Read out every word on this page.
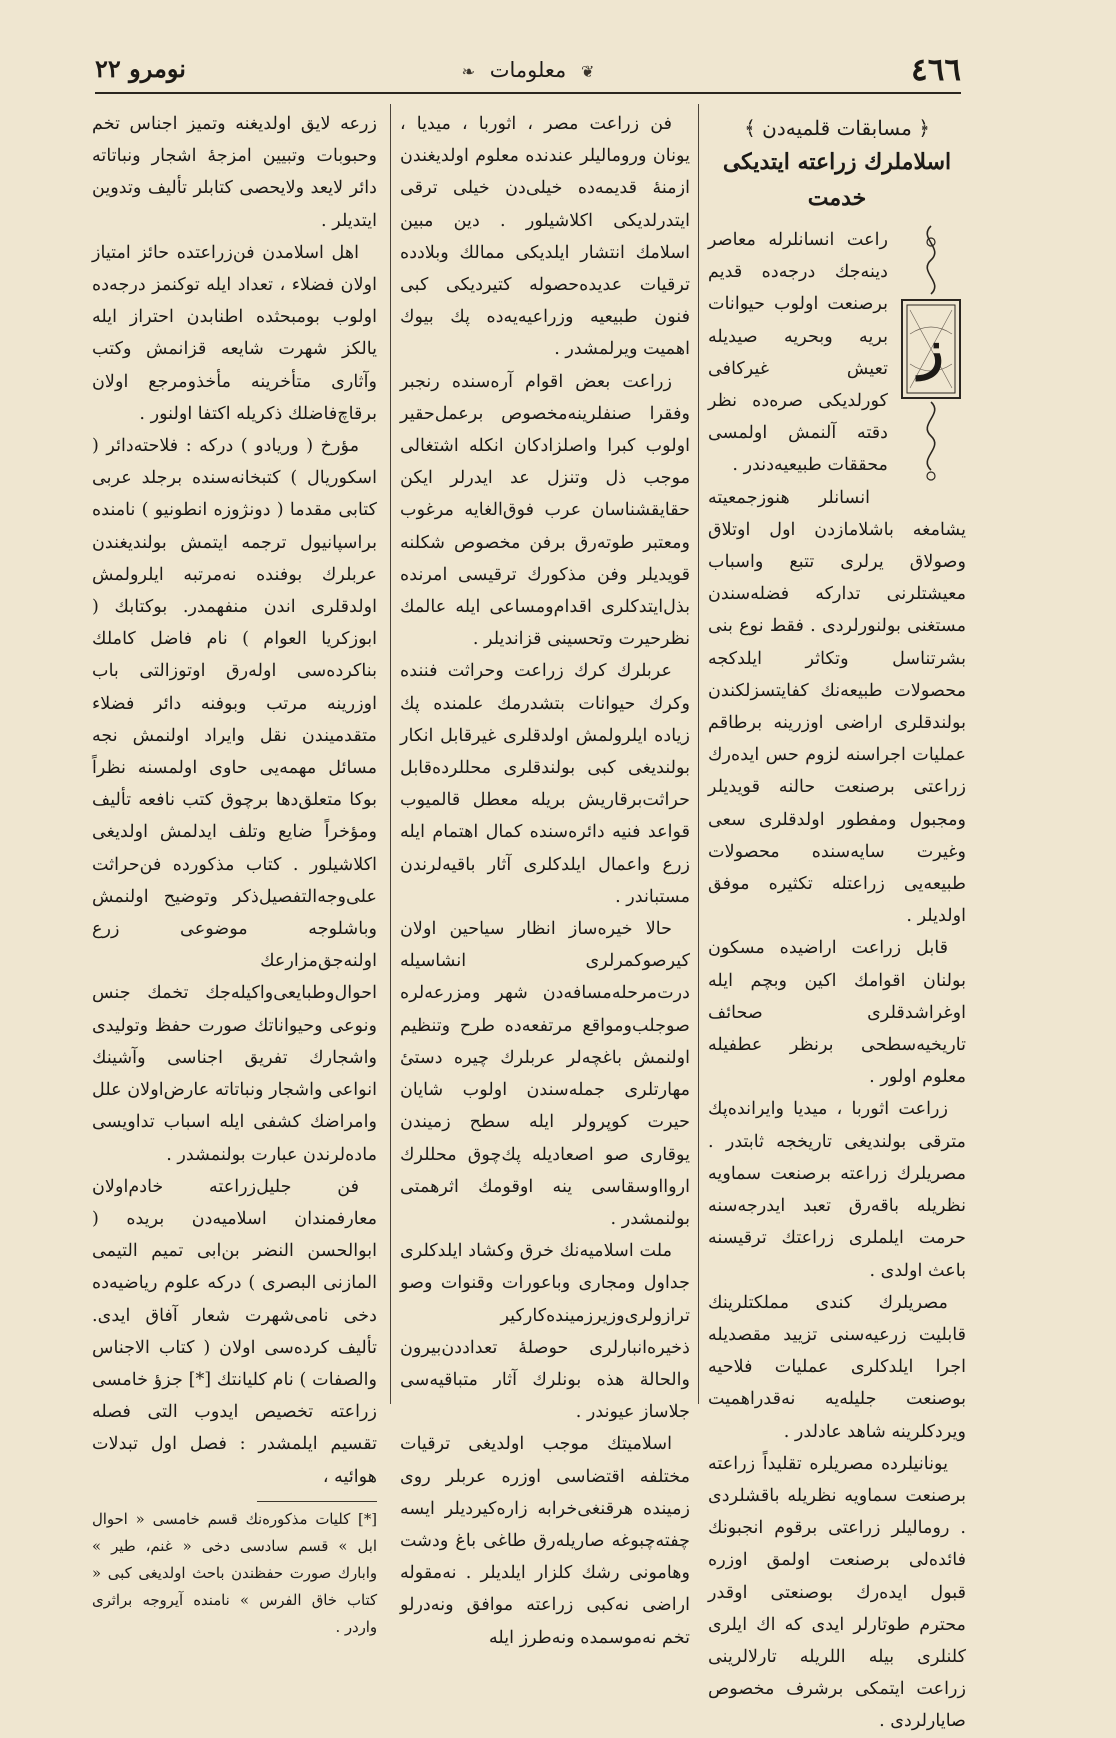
٤٦٦
❦ معلومات ❧
نومرو ٢٢
﴿ مسابقات قلميه‌دن ﴾
اسلاملرك زراعته ايتديكى خدمت
ز

راعت انسانلرله معاصر دينه‌جك درجه‌ده قديم برصنعت اولوب حيوانات بريه وبحريه صيديله تعيش غيركافى كورلديكى صره‌ده نظر دقته آلنمش اولمسى محققات طبيعيه‌دندر .

انسانلر هنوزجمعيته يشامغه باشلامازدن اول اوتلاق وصولاق يرلرى تتبع واسباب معيشتلرنى تداركه فضله‌سندن مستغنى بولنورلردى . فقط نوع بنى بشرتناسل وتكاثر ايلدكجه محصولات طبيعه‌نك كفايتسزلكندن بولندقلرى اراضى اوزرينه برطاقم عمليات اجراسنه لزوم حس ايده‌رك زراعتى برصنعت حالنه قويديلر ومجبول ومفطور اولدقلرى سعى وغيرت سايه‌سنده محصولات طبيعه‌يى زراعتله تكثيره موفق اولديلر .

قابل زراعت اراضيده مسكون بولنان اقوامك اكين وبچم ايله اوغراشدقلرى صحائف تاريخيه‌سطحى برنظر عطفيله معلوم اولور .

زراعت اثوربا ، ميديا وايرانده‌پك مترقى بولنديغى تاريخجه ثابتدر . مصريلرك زراعته برصنعت سماويه نظريله باقه‌رق تعبد ايدرجه‌سنه حرمت ايلملرى زراعتك ترقيسنه باعث اولدى .

مصريلرك كندى مملكتلرينك قابليت زرعيه‌سنى تزييد مقصديله اجرا ايلدكلرى عمليات فلاحيه بوصنعت جليله‌يه نه‌قدراهميت ويردكلرينه شاهد عادلدر .

يونانيلرده مصريلره تقليداً زراعته برصنعت سماويه نظريله باقشلردى . روماليلر زراعتى برقوم انجبونك فائده‌لى برصنعت اولمق اوزره قبول ايده‌رك بوصنعتى اوقدر محترم طوتارلر ايدى كه اك ايلرى كلنلرى بيله اللريله تارلالرينى زراعت ايتمكى برشرف مخصوص صايارلردى .

فن زراعت مصر ، اثوربا ، ميديا ، يونان وروماليلر عندنده معلوم اولديغندن ازمنهٔ قديمه‌ده خيلى‌دن خيلى ترقى ايتدرلديكى اكلاشيلور . دين مبين اسلامك انتشار ايلديكى ممالك وبلادده ترقيات عديده‌حصوله كتيرديكى كبى فنون طبيعيه وزراعيه‌يه‌ده پك بيوك اهميت ويرلمشدر .

زراعت بعض اقوام آره‌سنده رنجبر وفقرا صنفلرينه‌مخصوص برعمل‌حقير اولوب كبرا واصلزادكان انكله اشتغالى موجب ذل وتنزل عد ايدرلر ايكن حقايقشناسان عرب فوق‌الغايه مرغوب ومعتبر طوته‌رق برفن مخصوص شكلنه قويديلر وفن مذكورك ترقيسى امرنده بذل‌ايتدكلرى اقدام‌ومساعى ايله عالمك نظرحيرت وتحسينى قزانديلر .

عربلرك كرك زراعت وحراثت فننده وكرك حيوانات بتشدرمك علمنده پك زياده ايلرولمش اولدقلرى غيرقابل انكار بولنديغى كبى بولندقلرى محللرده‌قابل حراثت‌برقاريش بريله معطل قالميوب قواعد فنيه دائره‌سنده كمال اهتمام ايله زرع واعمال ايلدكلرى آثار باقيه‌لرندن مستباندر .

حالا خيره‌ساز انظار سياحين اولان كيرصوكمرلرى انشاسيله درت‌مرحله‌مسافه‌دن شهر ومزرعه‌لره صوجلب‌ومواقع مرتفعه‌ده طرح وتنظيم اولنمش باغچه‌لر عربلرك چيره دستىٔ مهارتلرى جمله‌سندن اولوب شايان حيرت كوپرولر ايله سطح زميندن يوقارى صو اصعاديله پك‌چوق محللرك اروااوسقاسى ينه اوقومك اثرهمتى بولنمشدر .

ملت اسلاميه‌نك خرق وكشاد ايلدكلرى جداول ومجارى وباعورات وقنوات وصو ترازولرى‌وزيرزمينده‌كاركير ذخيره‌انبارلرى حوصلهٔ تعداددن‌بيرون والحالة هذه بونلرك آثار متباقيه‌سى جلاساز عيوندر .

اسلاميتك موجب اولديغى ترقيات مختلفه اقتضاسى اوزره عربلر روى زمينده هرقنغى‌خرابه زاره‌كيرديلر ايسه چفته‌چبوغه صاريله‌رق طاغى باغ ودشت وهامونى رشك كلزار ايلديلر . نه‌مقوله اراضى نه‌كبى زراعته موافق ونه‌درلو تخم نه‌موسمده ونه‌طرز ايله

زرعه لايق اولديغنه وتميز اجناس تخم وحبوبات وتبيين امزجهٔ اشجار ونباتاته دائر لايعد ولايحصى كتابلر تأليف وتدوين ايتديلر .

اهل اسلامدن فن‌زراعتده حائز امتياز اولان فضلاء ، تعداد ايله توكنمز درجه‌ده اولوب بومبحثده اطنابدن احتراز ايله يالكز شهرت شايعه قزانمش وكتب وآثارى متأخرينه مأخذومرجع اولان برقاچ‌فاضلك ذكريله اكتفا اولنور .

مؤرخ ( وريادو ) دركه : فلاحته‌دائر ( اسكوريال ) كتبخانه‌سنده برجلد عربى كتابى مقدما ( دونژوزه انطونيو ) نامنده براسپانيول ترجمه ايتمش بولنديغندن عربلرك بوفنده نه‌مرتبه ايلرولمش اولدقلرى اندن منفهمدر. بوكتابك ( ابوزكريا العوام ) نام فاضل كاملك بناكرده‌سى اوله‌رق اوتوزالتى باب اوزرينه مرتب وبوفنه دائر فضلاء متقدميندن نقل وايراد اولنمش نجه مسائل مهمه‌يى حاوى اولمسنه نظراً بوكا متعلق‌دها برچوق كتب نافعه تأليف ومؤخراً ضايع وتلف ايدلمش اولديغى اكلاشيلور . كتاب مذكورده فن‌حراثت على‌وجه‌التفصيل‌ذكر وتوضيح اولنمش وباشلوجه موضوعى زرع اولنه‌جق‌مزارعك احوال‌وطبايعى‌واكيله‌جك تخمك جنس ونوعى وحيواناتك صورت حفظ وتوليدى واشجارك تفريق اجناسى وآشينك انواعى واشجار ونباتاته عارض‌اولان علل وامراضك كشفى ايله اسباب تداويسى ماده‌لرندن عبارت بولنمشدر .

فن جليل‌زراعته خادم‌اولان معارفمندان اسلاميه‌دن بريده ( ابوالحسن النضر بن‌ابى تميم التيمى المازنى البصرى ) دركه علوم رياضيه‌ده دخى نامى‌شهرت شعار آفاق ايدى. تأليف كرده‌سى اولان ( كتاب الاجناس والصفات ) نام كليانتك [*] جزؤ خامسى زراعته تخصيص ايدوب التى فصله تقسيم ايلمشدر : فصل اول تبدلات هوائيه ،

[*] كليات مذكوره‌نك قسم خامسى « احوال ابل » قسم سادسى دخى « غنم، طير » وابارك صورت حفظندن باحث اولديغى كبى « كتاب خاق الفرس » نامنده آيروجه براثرى واردر .
